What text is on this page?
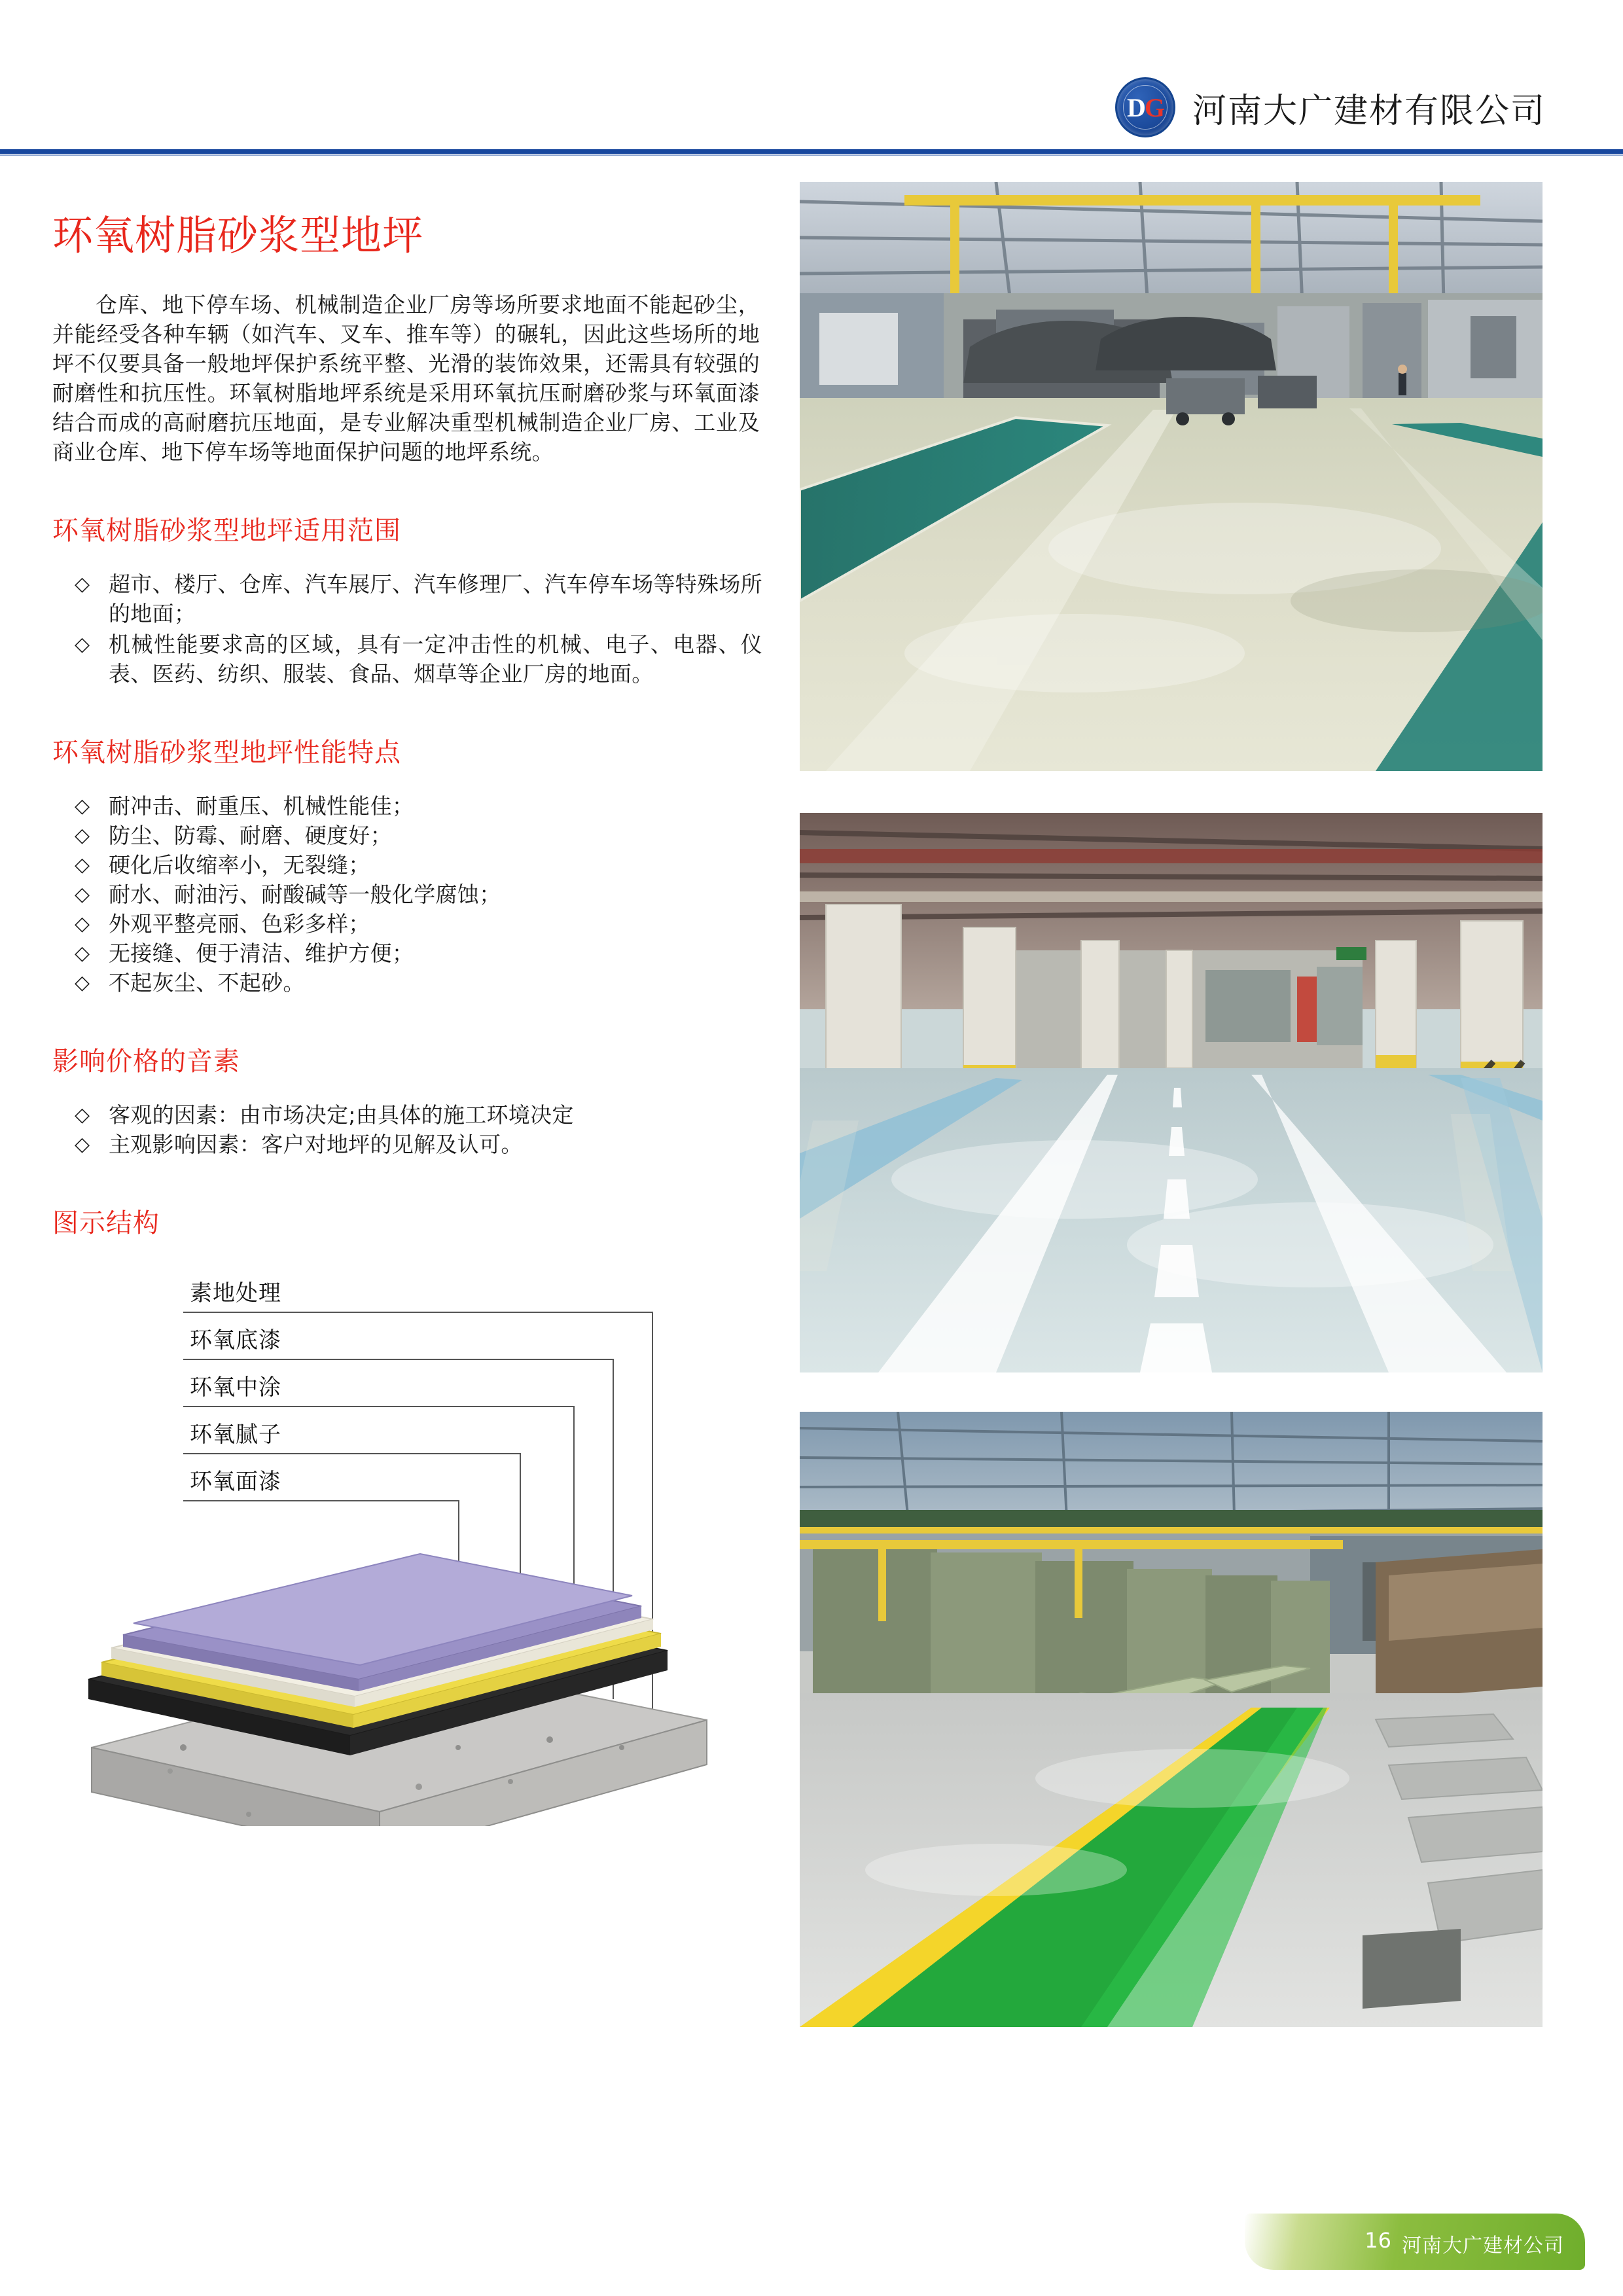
DG 河南大广建材有限公司
环氧树脂砂浆型地坪

仓库、地下停车场、机械制造企业厂房等场所要求地面不能起砂尘，并能经受各种车辆（如汽车、叉车、推车等）的碾轧，因此这些场所的地坪不仅要具备一般地坪保护系统平整、光滑的装饰效果，还需具有较强的耐磨性和抗压性。环氧树脂地坪系统是采用环氧抗压耐磨砂浆与环氧面漆结合而成的高耐磨抗压地面，是专业解决重型机械制造企业厂房、工业及商业仓库、地下停车场等地面保护问题的地坪系统。

环氧树脂砂浆型地坪适用范围
◇ 超市、楼厅、仓库、汽车展厅、汽车修理厂、汽车停车场等特殊场所的地面；
◇ 机械性能要求高的区域，具有一定冲击性的机械、电子、电器、仪表、医药、纺织、服装、食品、烟草等企业厂房的地面。
环氧树脂砂浆型地坪性能特点
◇ 耐冲击、耐重压、机械性能佳；
◇ 防尘、防霉、耐磨、硬度好；
◇ 硬化后收缩率小，无裂缝；
◇ 耐水、耐油污、耐酸碱等一般化学腐蚀；
◇ 外观平整亮丽、色彩多样；
◇ 无接缝、便于清洁、维护方便；
◇ 不起灰尘、不起砂。
影响价格的音素
◇ 客观的因素：由市场决定;由具体的施工环境决定
◇ 主观影响因素：客户对地坪的见解及认可。
图示结构
素地处理
环氧底漆
环氧中涂
环氧腻子
环氧面漆
16 河南大广建材公司
